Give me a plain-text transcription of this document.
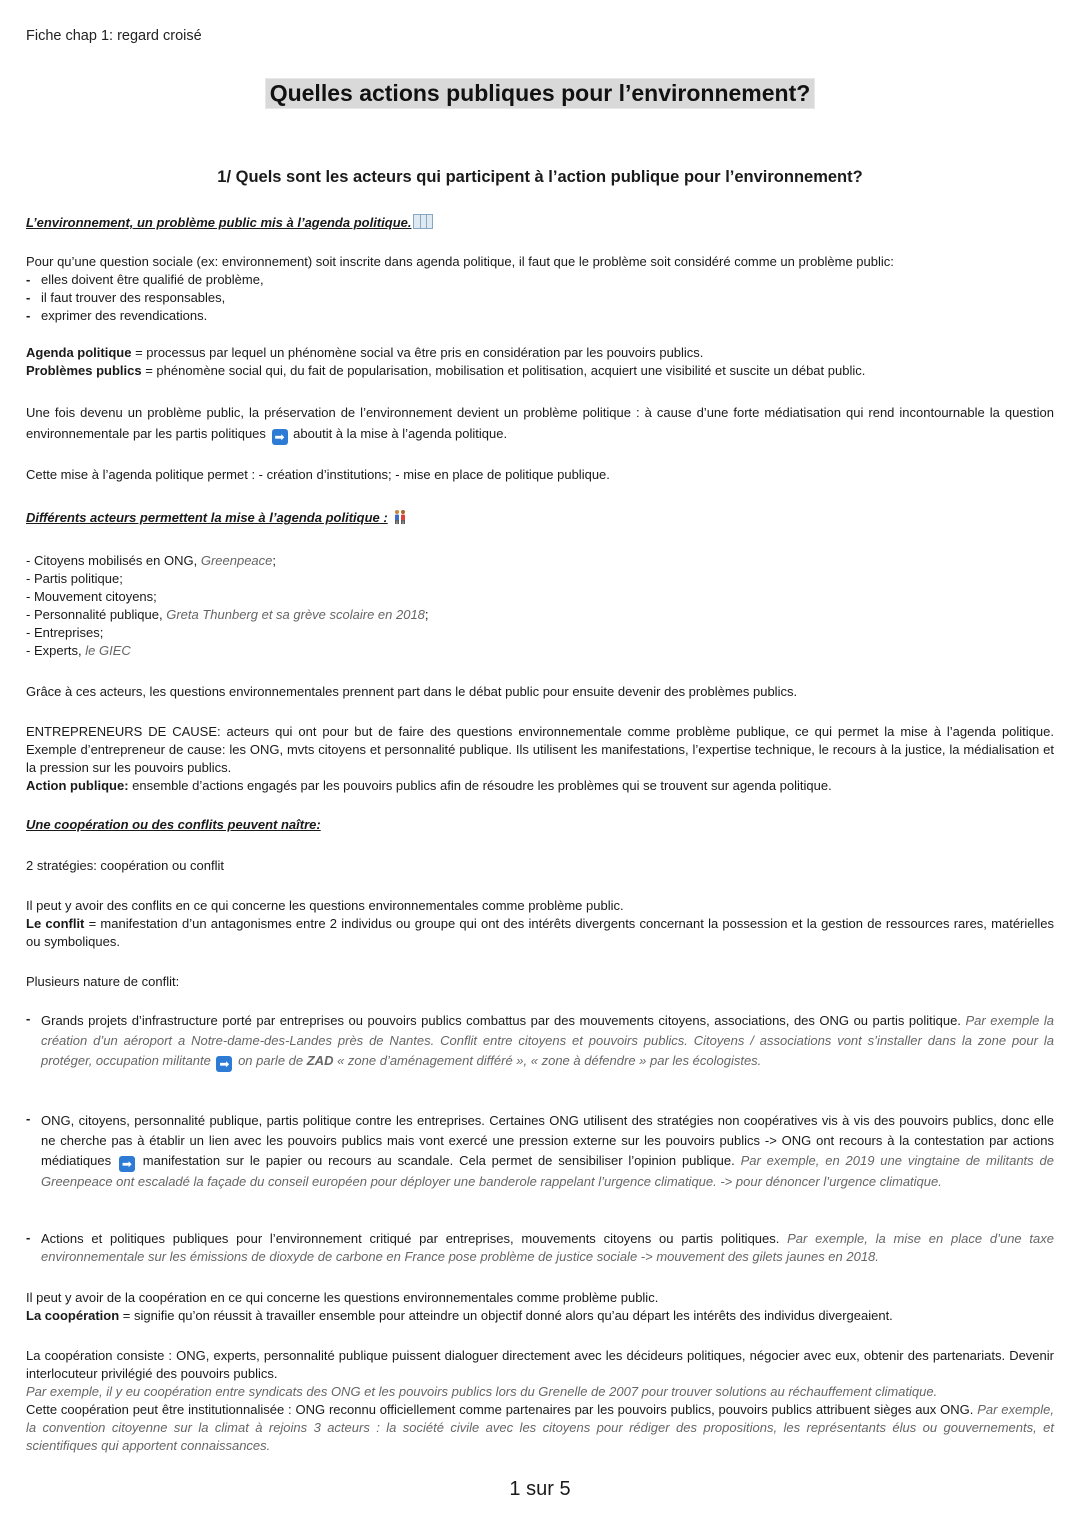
Fiche chap 1: regard croisé
Quelles actions publiques pour l’environnement?
1/ Quels sont les acteurs qui participent à l’action publique pour l’environnement?
L’environnement, un problème public mis à l’agenda politique.

Pour qu’une question sociale (ex: environnement) soit inscrite dans agenda politique, il faut que le problème soit considéré comme un problème public:

- elles doivent être qualifié de problème,
- il faut trouver des responsables,
- exprimer des revendications.

Agenda politique = processus par lequel un phénomène social va être pris en considération par les pouvoirs publics.

Problèmes publics = phénomène social qui, du fait de popularisation, mobilisation et politisation, acquiert une visibilité et suscite un débat public.

Une fois devenu un problème public, la préservation de l’environnement devient un problème politique : à cause d’une forte médiatisation qui rend incontournable la question environnementale par les partis politiques ➡ aboutit à la mise à l’agenda politique.

Cette mise à l’agenda politique permet : - création d’institutions; - mise en place de politique publique.

Différents acteurs permettent la mise à l’agenda politique :
- Citoyens mobilisés en ONG, Greenpeace;
- Partis politique;
- Mouvement citoyens;
- Personnalité publique, Greta Thunberg et sa grève scolaire en 2018;
- Entreprises;
- Experts, le GIEC

Grâce à ces acteurs, les questions environnementales prennent part dans le débat public pour ensuite devenir des problèmes publics.

ENTREPRENEURS DE CAUSE: acteurs qui ont pour but de faire des questions environnementale comme problème publique, ce qui permet la mise à l’agenda politique. Exemple d’entrepreneur de cause: les ONG, mvts citoyens et personnalité publique. Ils utilisent les manifestations, l’expertise technique, le recours à la justice, la médialisation et la pression sur les pouvoirs publics.

Action publique: ensemble d’actions engagés par les pouvoirs publics afin de résoudre les problèmes qui se trouvent sur agenda politique.

Une coopération ou des conflits peuvent naître:

2 stratégies: coopération ou conflit

Il peut y avoir des conflits en ce qui concerne les questions environnementales comme problème public.

Le conflit = manifestation d’un antagonismes entre 2 individus ou groupe qui ont des intérêts divergents concernant la possession et la gestion de ressources rares, matérielles ou symboliques.

Plusieurs nature de conflit:

- Grands projets d’infrastructure porté par entreprises ou pouvoirs publics combattus par des mouvements citoyens, associations, des ONG ou partis politique. Par exemple la création d’un aéroport a Notre-dame-des-Landes près de Nantes. Conflit entre citoyens et pouvoirs publics. Citoyens / associations vont s’installer dans la zone pour la protéger, occupation militante ➡ on parle de ZAD « zone d’aménagement différé », « zone à défendre » par les écologistes.

- ONG, citoyens, personnalité publique, partis politique contre les entreprises. Certaines ONG utilisent des stratégies non coopératives vis à vis des pouvoirs publics, donc elle ne cherche pas à établir un lien avec les pouvoirs publics mais vont exercé une pression externe sur les pouvoirs publics -> ONG ont recours à la contestation par actions médiatiques ➡ manifestation sur le papier ou recours au scandale. Cela permet de sensibiliser l’opinion publique. Par exemple, en 2019 une vingtaine de militants de Greenpeace ont escaladé la façade du conseil européen pour déployer une banderole rappelant l’urgence climatique. -> pour dénoncer l’urgence climatique.

- Actions et politiques publiques pour l’environnement critiqué par entreprises, mouvements citoyens ou partis politiques. Par exemple, la mise en place d’une taxe environnementale sur les émissions de dioxyde de carbone en France pose problème de justice sociale -> mouvement des gilets jaunes en 2018.

Il peut y avoir de la coopération en ce qui concerne les questions environnementales comme problème public.

La coopération = signifie qu’on réussit à travailler ensemble pour atteindre un objectif donné alors qu’au départ les intérêts des individus divergeaient.

La coopération consiste : ONG, experts, personnalité publique puissent dialoguer directement avec les décideurs politiques, négocier avec eux, obtenir des partenariats. Devenir interlocuteur privilégié des pouvoirs publics.

Par exemple, il y eu coopération entre syndicats des ONG et les pouvoirs publics lors du Grenelle de 2007 pour trouver solutions au réchauffement climatique.

Cette coopération peut être institutionnalisée : ONG reconnu officiellement comme partenaires par les pouvoirs publics, pouvoirs publics attribuent sièges aux ONG. Par exemple, la convention citoyenne sur la climat à rejoins 3 acteurs : la société civile avec les citoyens pour rédiger des propositions, les représentants élus ou gouvernements, et scientifiques qui apportent connaissances.

1 sur 5
